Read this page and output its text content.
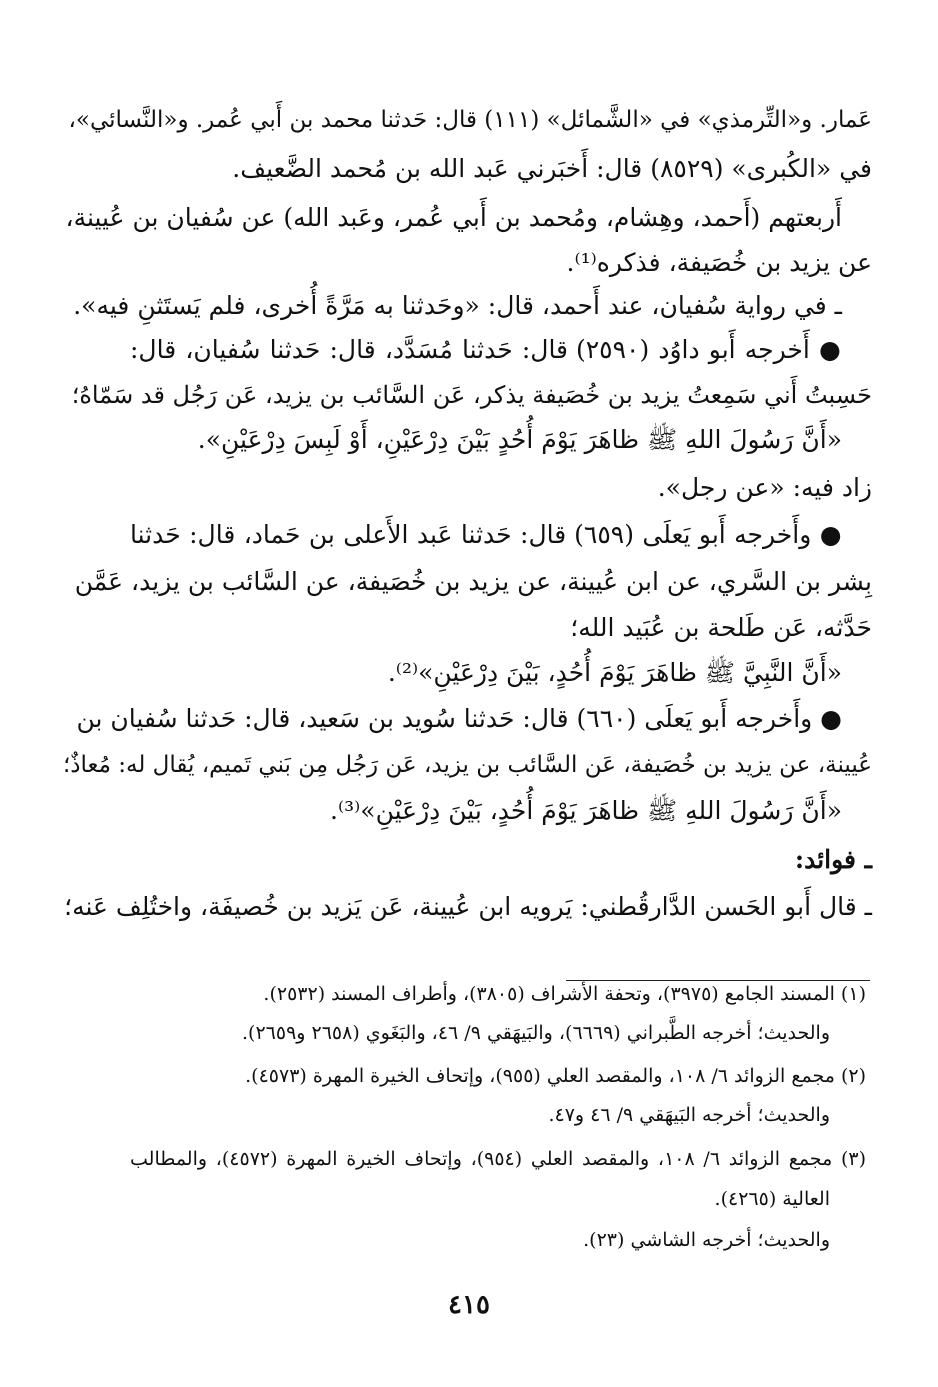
عَمار. و«التِّرمذي» في «الشَّمائل» (١١١) قال: حَدثنا محمد بن أَبي عُمر. و«النَّسائي»،
في «الكُبرى» (٨٥٢٩) قال: أَخبَرني عَبد الله بن مُحمد الضَّعيف.
أَربعتهم (أَحمد، وهِشام، ومُحمد بن أَبي عُمر، وعَبد الله) عن سُفيان بن عُيينة،
عن يزيد بن خُصَيفة، فذكره⁽¹⁾.
ـ في رواية سُفيان، عند أَحمد، قال: «وحَدثنا به مَرَّةً أُخرى، فلم يَستَثنِ فيه».
● أَخرجه أَبو داوُد (٢٥٩٠) قال: حَدثنا مُسَدَّد، قال: حَدثنا سُفيان، قال:
حَسِبتُ أَني سَمِعتُ يزيد بن خُصَيفة يذكر، عَن السَّائب بن يزيد، عَن رَجُل قد سَمّاهُ؛
«أَنَّ رَسُولَ اللهِ ﷺ ظاهَرَ يَوْمَ أُحُدٍ بَيْنَ دِرْعَيْنِ، أَوْ لَبِسَ دِرْعَيْنِ».
زاد فيه: «عن رجل».
● وأَخرجه أَبو يَعلَى (٦٥٩) قال: حَدثنا عَبد الأَعلى بن حَماد، قال: حَدثنا
بِشر بن السَّري، عن ابن عُيينة، عن يزيد بن خُصَيفة، عن السَّائب بن يزيد، عَمَّن
حَدَّثه، عَن طَلحة بن عُبَيد الله؛
«أَنَّ النَّبِيَّ ﷺ ظاهَرَ يَوْمَ أُحُدٍ، بَيْنَ دِرْعَيْنِ»⁽²⁾.
● وأَخرجه أَبو يَعلَى (٦٦٠) قال: حَدثنا سُويد بن سَعيد، قال: حَدثنا سُفيان بن
عُيينة، عن يزيد بن خُصَيفة، عَن السَّائب بن يزيد، عَن رَجُل مِن بَني تَميم، يُقال له: مُعاذٌ؛
«أَنَّ رَسُولَ اللهِ ﷺ ظاهَرَ يَوْمَ أُحُدٍ، بَيْنَ دِرْعَيْنِ»⁽³⁾.
ـ فوائد:
ـ قال أَبو الحَسن الدَّارقُطني: يَرويه ابن عُيينة، عَن يَزيد بن خُصيفَة، واختُلِف عَنه؛
(١) المسند الجامع (٣٩٧٥)، وتحفة الأشراف (٣٨٠٥)، وأطراف المسند (٢٥٣٢).
والحديث؛ أخرجه الطَّبراني (٦٦٦٩)، والبَيهَقي ٩/ ٤٦، والبَغَوي (٢٦٥٨ و٢٦٥٩).
(٢) مجمع الزوائد ٦/ ١٠٨، والمقصد العلي (٩٥٥)، وإتحاف الخيرة المهرة (٤٥٧٣).
والحديث؛ أخرجه البَيهَقي ٩/ ٤٦ و٤٧.
(٣) مجمع الزوائد ٦/ ١٠٨، والمقصد العلي (٩٥٤)، وإتحاف الخيرة المهرة (٤٥٧٢)، والمطالب
العالية (٤٢٦٥).
والحديث؛ أخرجه الشاشي (٢٣).
٤١٥
